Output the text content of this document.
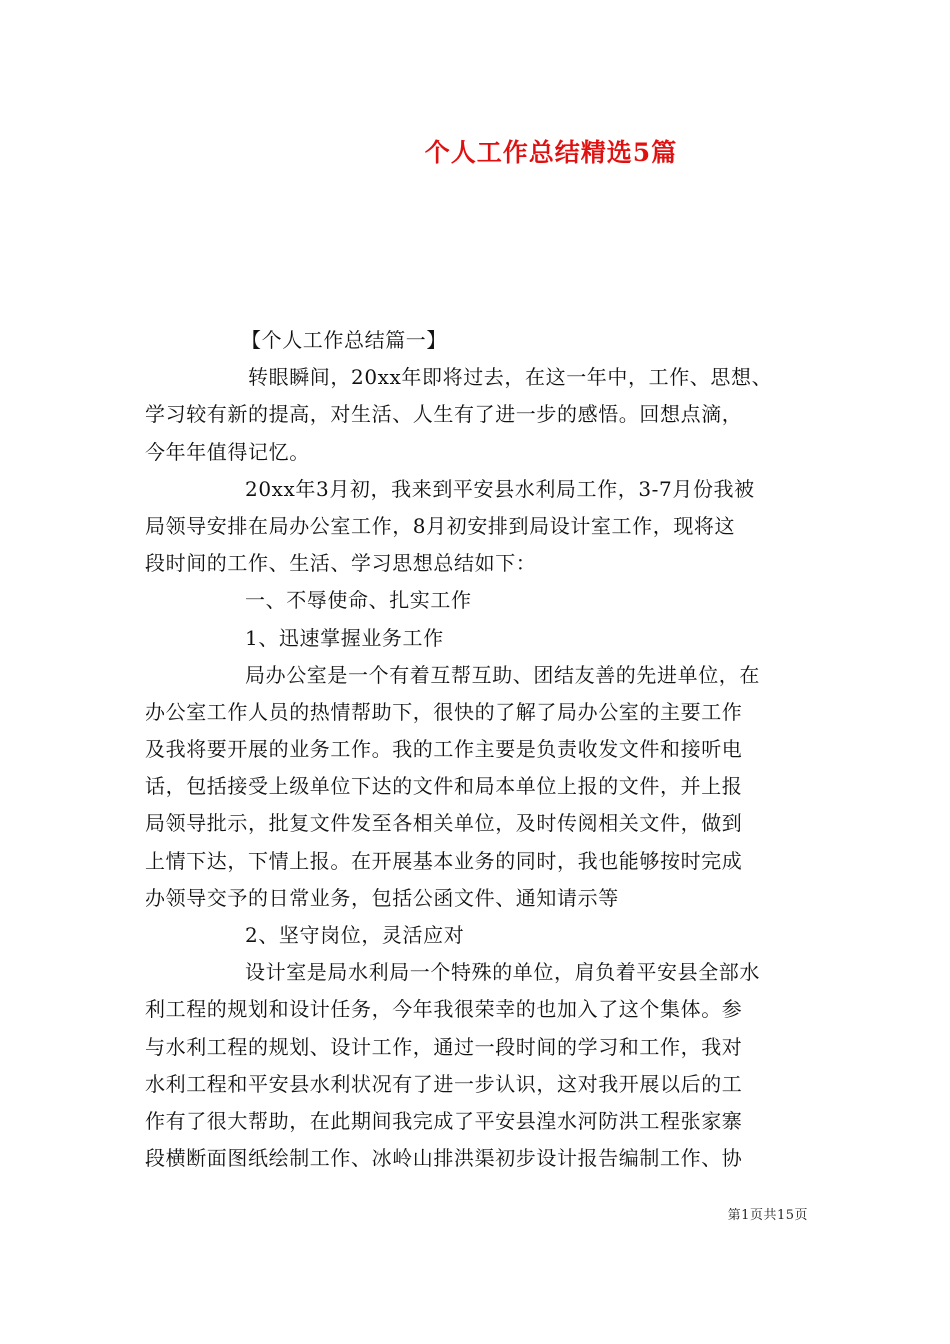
个人工作总结精选5篇
【个人工作总结篇一】
转眼瞬间，20xx年即将过去，在这一年中，工作、思想、
学习较有新的提高，对生活、人生有了进一步的感悟。回想点滴，
今年年值得记忆。
20xx年3月初，我来到平安县水利局工作，3-7月份我被
局领导安排在局办公室工作，8月初安排到局设计室工作，现将这
段时间的工作、生活、学习思想总结如下：
一、不辱使命、扎实工作
1、迅速掌握业务工作
局办公室是一个有着互帮互助、团结友善的先进单位，在
办公室工作人员的热情帮助下，很快的了解了局办公室的主要工作
及我将要开展的业务工作。我的工作主要是负责收发文件和接听电
话，包括接受上级单位下达的文件和局本单位上报的文件，并上报
局领导批示，批复文件发至各相关单位，及时传阅相关文件，做到
上情下达，下情上报。在开展基本业务的同时，我也能够按时完成
办领导交予的日常业务，包括公函文件、通知请示等
2、坚守岗位，灵活应对
设计室是局水利局一个特殊的单位，肩负着平安县全部水
利工程的规划和设计任务，今年我很荣幸的也加入了这个集体。参
与水利工程的规划、设计工作，通过一段时间的学习和工作，我对
水利工程和平安县水利状况有了进一步认识，这对我开展以后的工
作有了很大帮助，在此期间我完成了平安县湟水河防洪工程张家寨
段横断面图纸绘制工作、冰岭山排洪渠初步设计报告编制工作、协
第1页共15页
